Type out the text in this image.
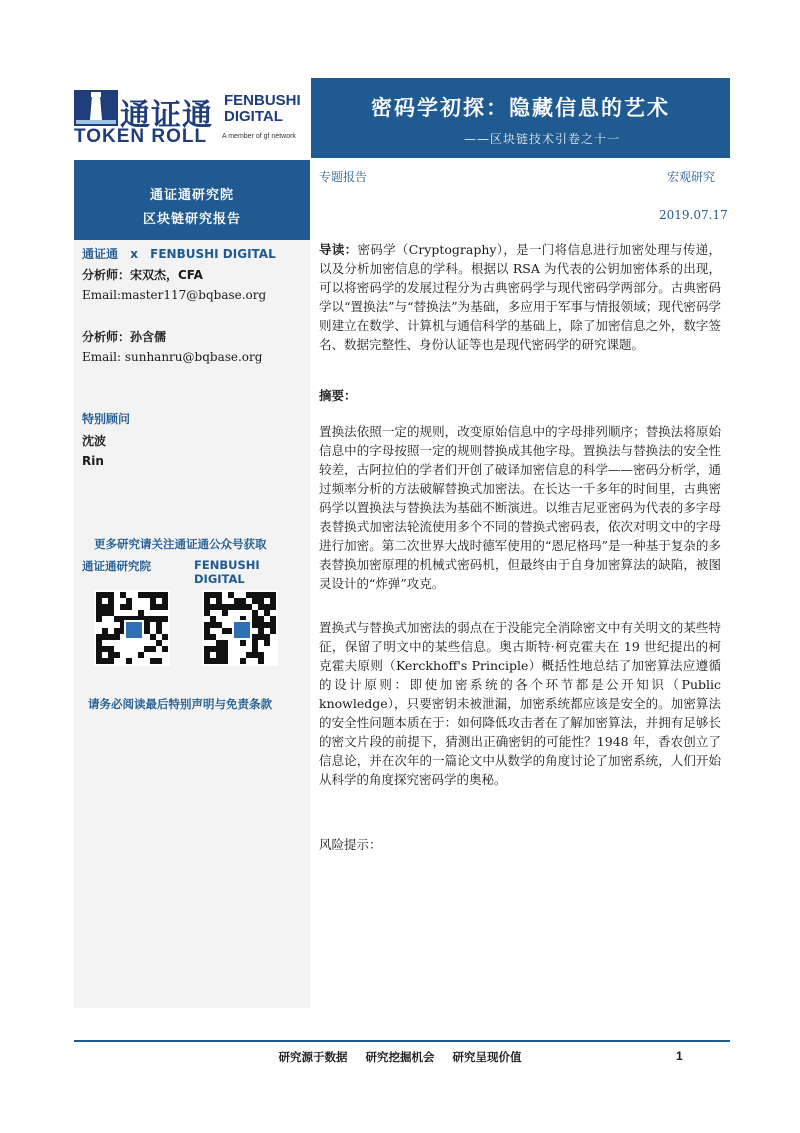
通证通 FENBUSHI
DIGITAL
TOKEN ROLL A member of gf network
密码学初探：隐藏信息的艺术
——区块链技术引卷之十一
通证通研究院
区块链研究报告
通证通 x FENBUSHI DIGITAL
分析师：宋双杰，CFA
Email:master117@bqbase.org
分析师：孙含儒
Email: sunhanru@bqbase.org
特别顾问
沈波
Rin
更多研究请关注通证通公众号获取
通证通研究院	FENBUSHI DIGITAL
请务必阅读最后特别声明与免责条款
专题报告	宏观研究
2019.07.17
导读：密码学（Cryptography），是一门将信息进行加密处理与传递，以及分析加密信息的学科。根据以 RSA 为代表的公钥加密体系的出现，可以将密码学的发展过程分为古典密码学与现代密码学两部分。古典密码学以“置换法”与“替换法”为基础，多应用于军事与情报领域；现代密码学则建立在数学、计算机与通信科学的基础上，除了加密信息之外，数字签名、数据完整性、身份认证等也是现代密码学的研究课题。
摘要：
置换法依照一定的规则，改变原始信息中的字母排列顺序；替换法将原始信息中的字母按照一定的规则替换成其他字母。置换法与替换法的安全性较差，古阿拉伯的学者们开创了破译加密信息的科学——密码分析学，通过频率分析的方法破解替换式加密法。在长达一千多年的时间里，古典密码学以置换法与替换法为基础不断演进。以维吉尼亚密码为代表的多字母表替换式加密法轮流使用多个不同的替换式密码表，依次对明文中的字母进行加密。第二次世界大战时德军使用的“恩尼格玛”是一种基于复杂的多表替换加密原理的机械式密码机，但最终由于自身加密算法的缺陷，被图灵设计的“炸弹”攻克。
置换式与替换式加密法的弱点在于没能完全消除密文中有关明文的某些特征，保留了明文中的某些信息。奥古斯特·柯克霍夫在 19 世纪提出的柯克霍夫原则（Kerckhoff's Principle）概括性地总结了加密算法应遵循的设计原则：即使加密系统的各个环节都是公开知识（Public knowledge），只要密钥未被泄漏，加密系统都应该是安全的。加密算法的安全性问题本质在于：如何降低攻击者在了解加密算法，并拥有足够长的密文片段的前提下，猜测出正确密钥的可能性？1948 年，香农创立了信息论，并在次年的一篇论文中从数学的角度讨论了加密系统，人们开始从科学的角度探究密码学的奥秘。
风险提示：
研究源于数据 研究挖掘机会 研究呈现价值	1
